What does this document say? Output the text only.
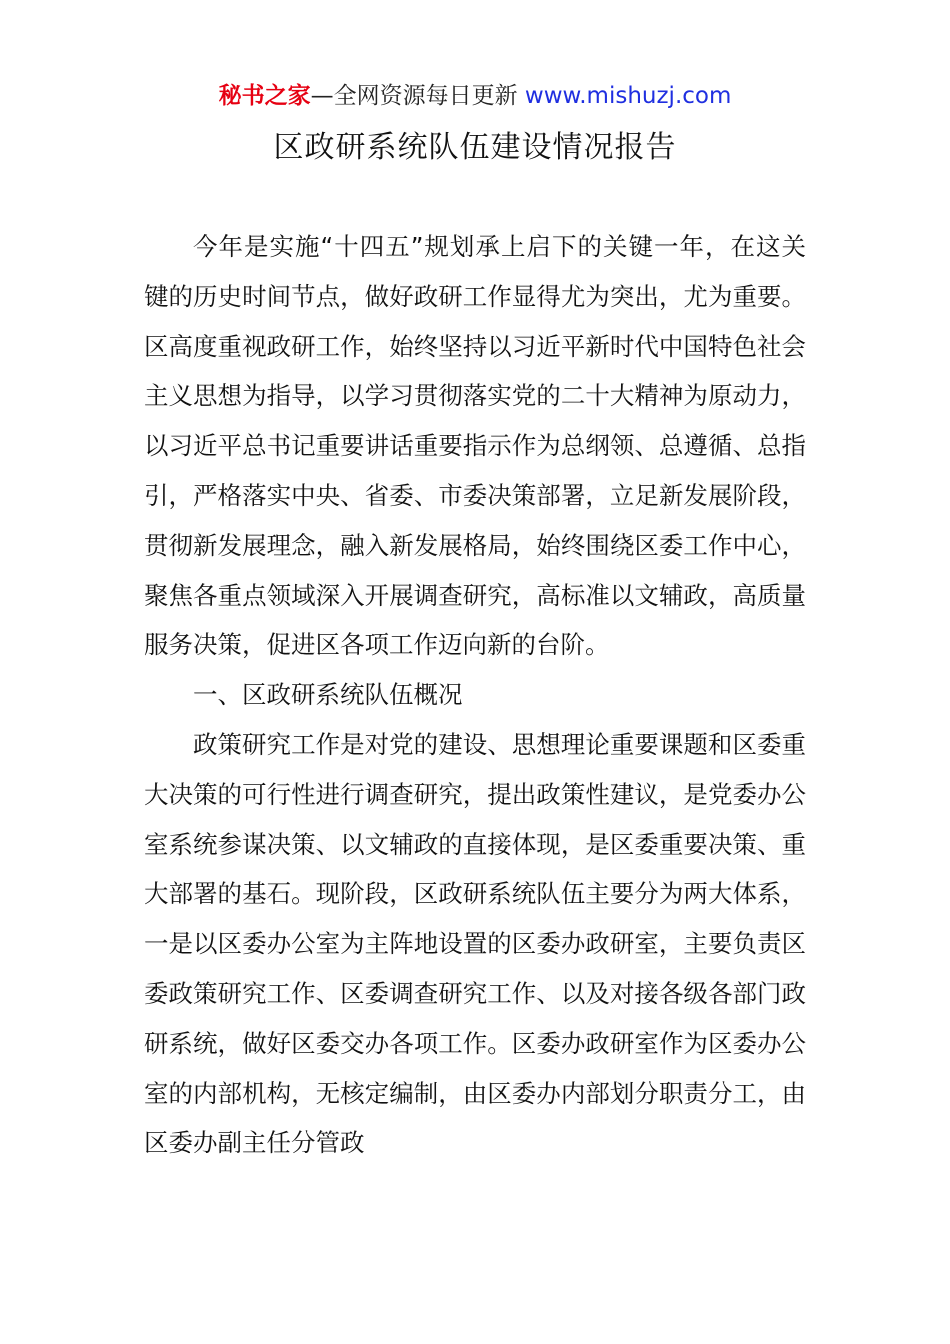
秘书之家—全网资源每日更新 www.mishuzj.com
区政研系统队伍建设情况报告

今年是实施“十四五”规划承上启下的关键一年，在这关键的历史时间节点，做好政研工作显得尤为突出，尤为重要。区高度重视政研工作，始终坚持以习近平新时代中国特色社会主义思想为指导，以学习贯彻落实党的二十大精神为原动力，以习近平总书记重要讲话重要指示作为总纲领、总遵循、总指引，严格落实中央、省委、市委决策部署，立足新发展阶段，贯彻新发展理念，融入新发展格局，始终围绕区委工作中心，聚焦各重点领域深入开展调查研究，高标准以文辅政，高质量服务决策，促进区各项工作迈向新的台阶。

一、区政研系统队伍概况

政策研究工作是对党的建设、思想理论重要课题和区委重大决策的可行性进行调查研究，提出政策性建议，是党委办公室系统参谋决策、以文辅政的直接体现，是区委重要决策、重大部署的基石。现阶段，区政研系统队伍主要分为两大体系，一是以区委办公室为主阵地设置的区委办政研室，主要负责区委政策研究工作、区委调查研究工作、以及对接各级各部门政研系统，做好区委交办各项工作。区委办政研室作为区委办公室的内部机构，无核定编制，由区委办内部划分职责分工，由区委办副主任分管政
